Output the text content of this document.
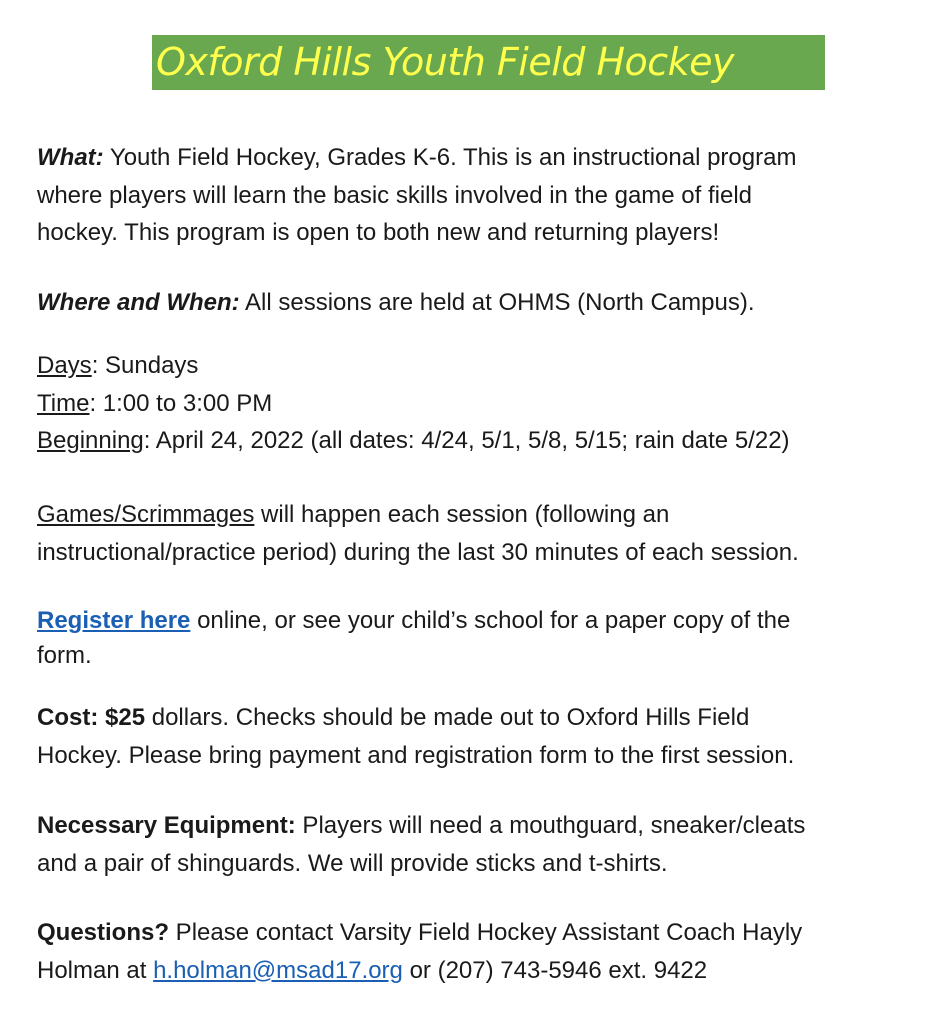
Oxford Hills Youth Field Hockey
What: Youth Field Hockey, Grades K-6. This is an instructional program
where players will learn the basic skills involved in the game of field
hockey. This program is open to both new and returning players!
Where and When: All sessions are held at OHMS (North Campus).
Days: Sundays
Time: 1:00 to 3:00 PM
Beginning: April 24, 2022 (all dates: 4/24, 5/1, 5/8, 5/15; rain date 5/22)
Games/Scrimmages will happen each session (following an
instructional/practice period) during the last 30 minutes of each session.
Register here online, or see your child’s school for a paper copy of the
form.
Cost: $25 dollars. Checks should be made out to Oxford Hills Field
Hockey. Please bring payment and registration form to the first session.
Necessary Equipment: Players will need a mouthguard, sneaker/cleats
and a pair of shinguards. We will provide sticks and t-shirts.
Questions? Please contact Varsity Field Hockey Assistant Coach Hayly
Holman at h.holman@msad17.org or (207) 743-5946 ext. 9422
